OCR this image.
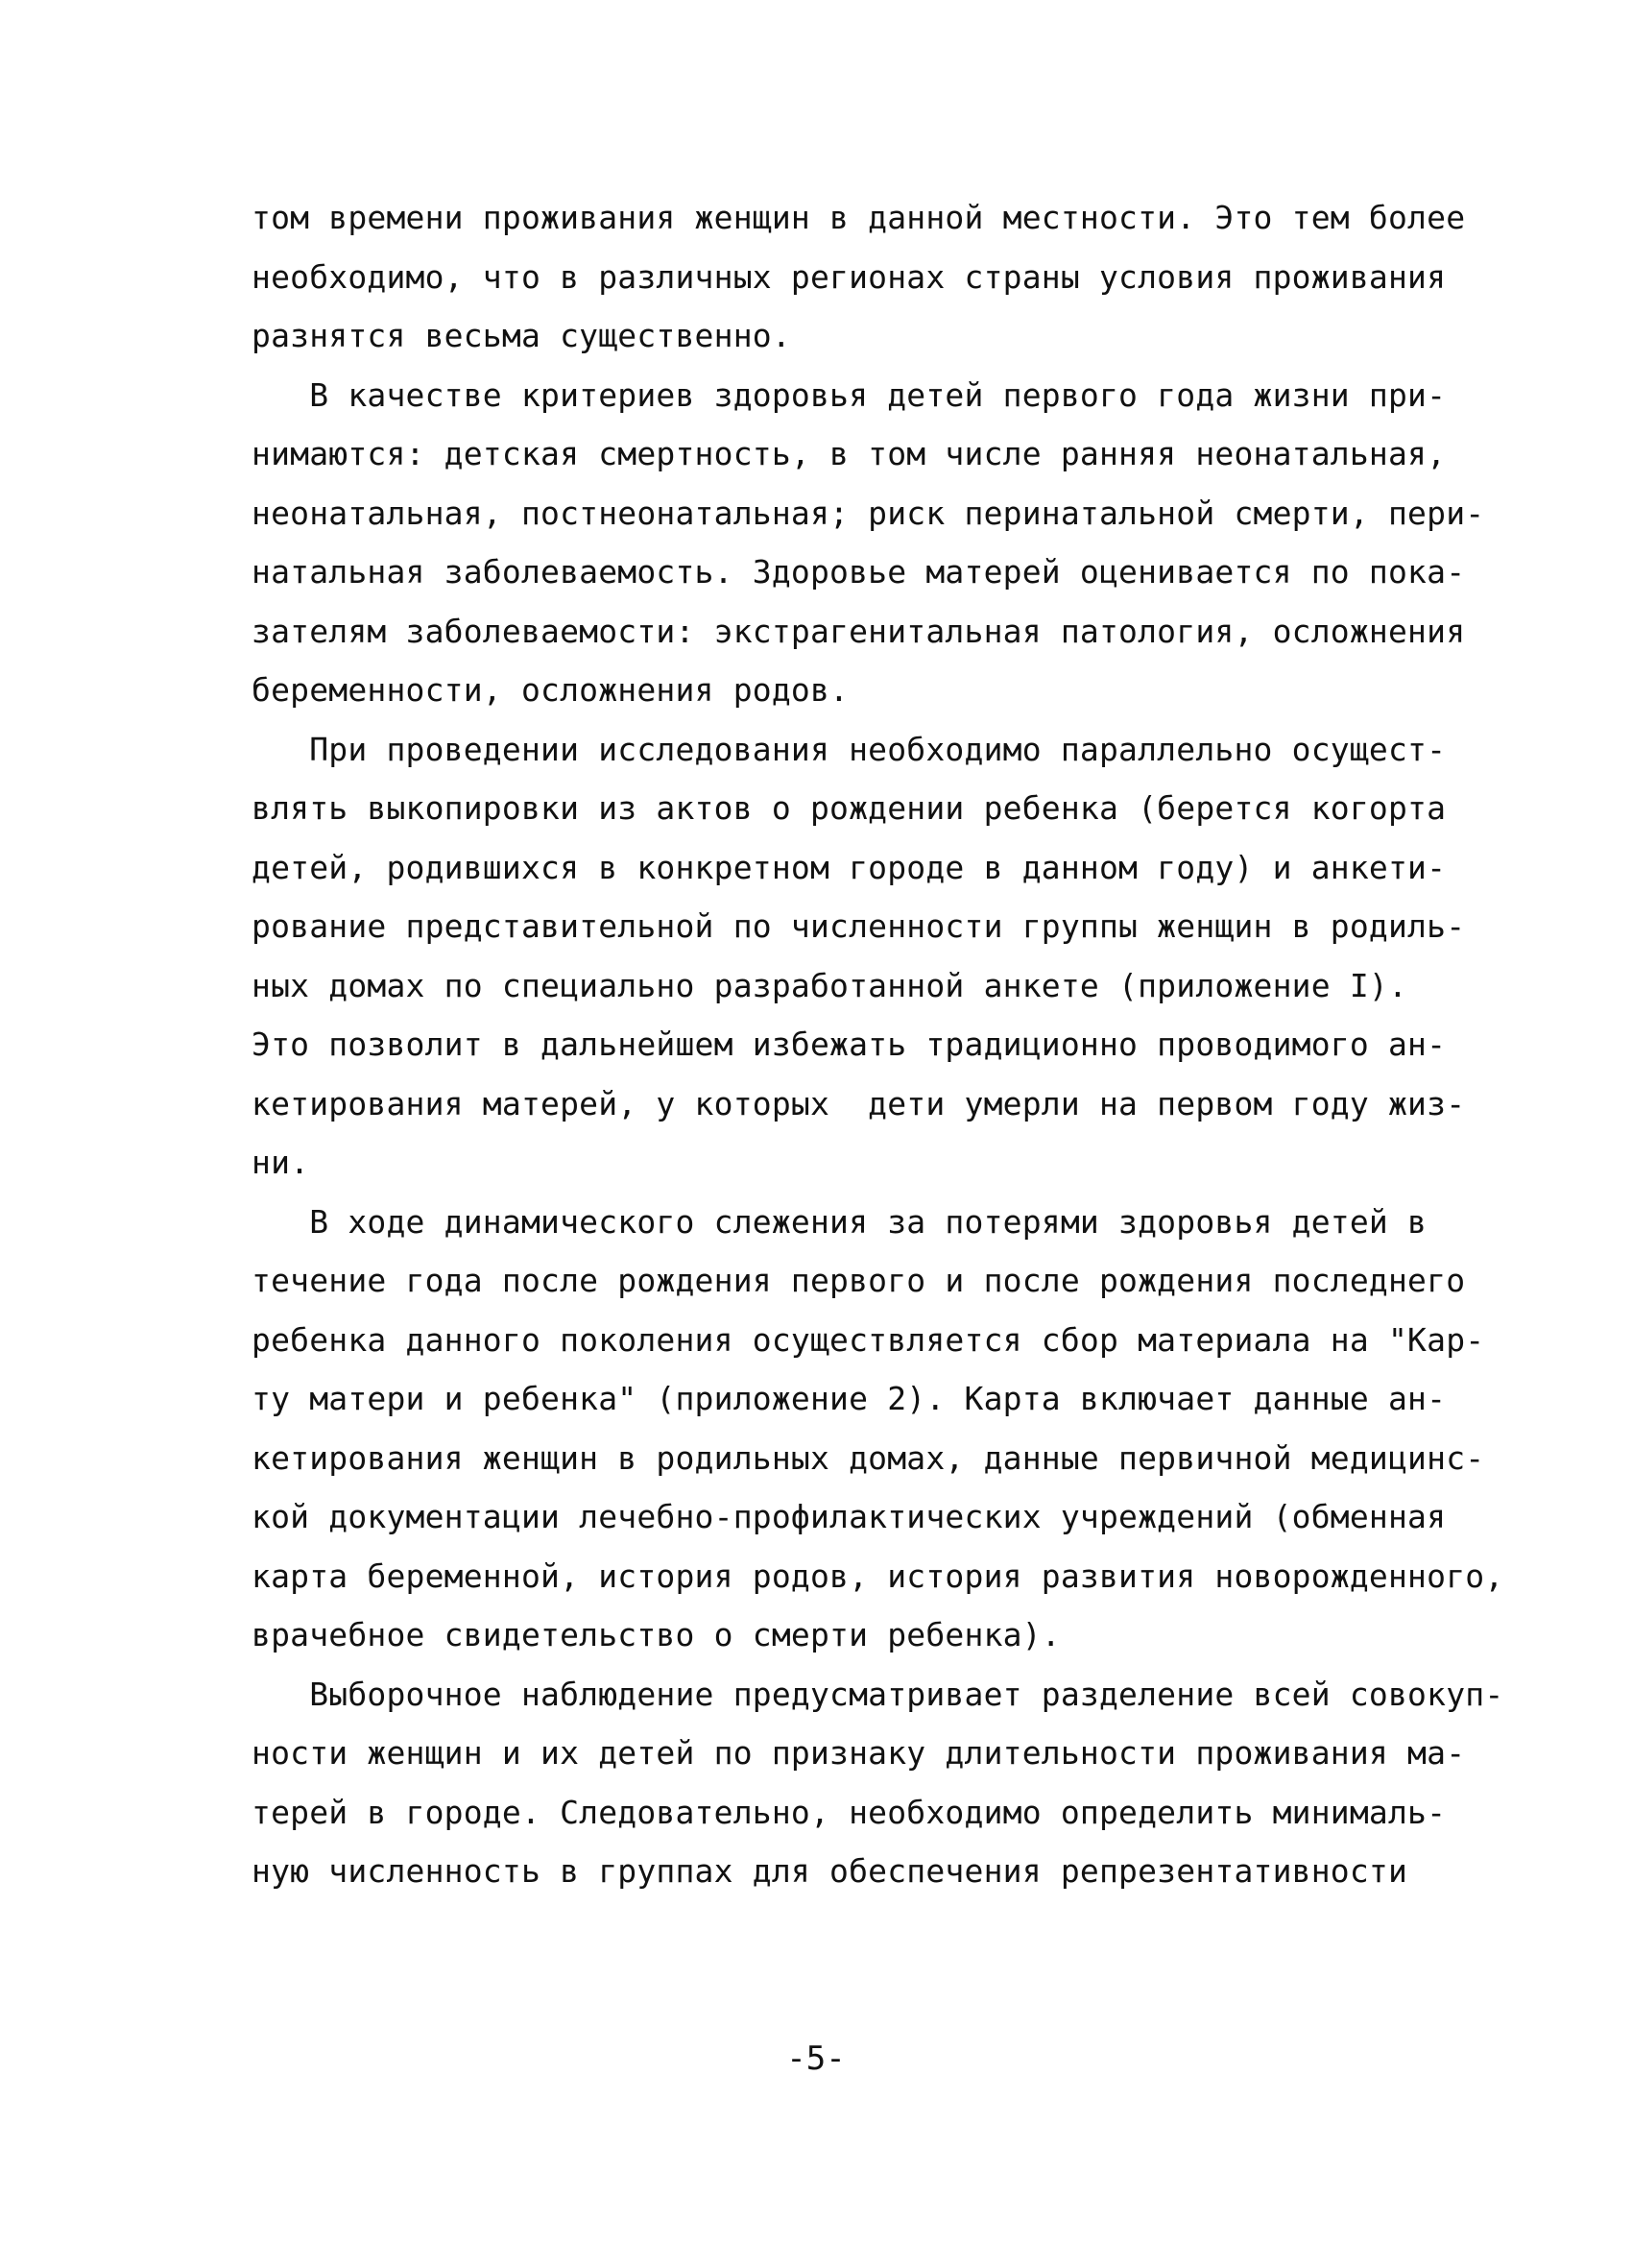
том времени проживания женщин в данной местности. Это тем более
необходимо, что в различных регионах страны условия проживания
разнятся весьма существенно.
В качестве критериев здоровья детей первого года жизни при-
нимаются: детская смертность, в том числе ранняя неонатальная,
неонатальная, постнеонатальная; риск перинатальной смерти, пери-
натальная заболеваемость. Здоровье матерей оценивается по пока-
зателям заболеваемости: экстрагенитальная патология, осложнения
беременности, осложнения родов.
При проведении исследования необходимо параллельно осущест-
влять выкопировки из актов о рождении ребенка (берется когорта
детей, родившихся в конкретном городе в данном году) и анкети-
рование представительной по численности группы женщин в родиль-
ных домах по специально разработанной анкете (приложение I).
Это позволит в дальнейшем избежать традиционно проводимого ан-
кетирования матерей, у которых  дети умерли на первом году жиз-
ни.
В ходе динамического слежения за потерями здоровья детей в
течение года после рождения первого и после рождения последнего
ребенка данного поколения осуществляется сбор материала на "Кар-
ту матери и ребенка" (приложение 2). Карта включает данные ан-
кетирования женщин в родильных домах, данные первичной медицинс-
кой документации лечебно-профилактических учреждений (обменная
карта беременной, история родов, история развития новорожденного,
врачебное свидетельство о смерти ребенка).
Выборочное наблюдение предусматривает разделение всей совокуп-
ности женщин и их детей по признаку длительности проживания ма-
терей в городе. Следовательно, необходимо определить минималь-
ную численность в группах для обеспечения репрезентативности
-5-
